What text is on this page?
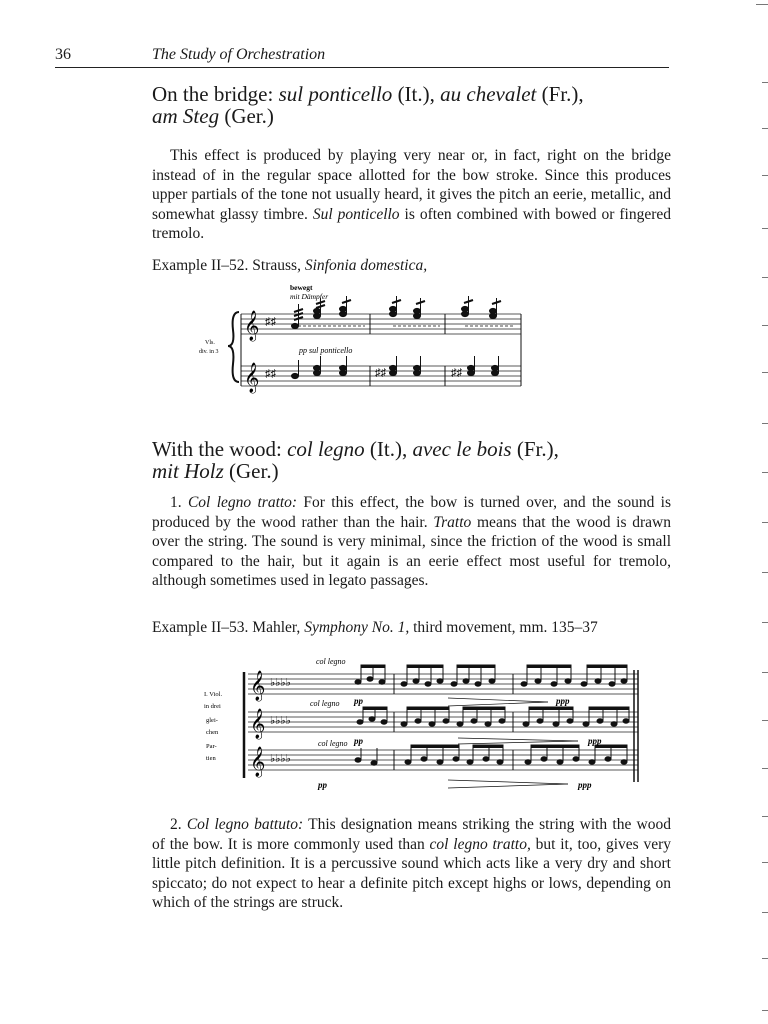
36	The Study of Orchestration
On the bridge: sul ponticello (It.), au chevalet (Fr.),
am Steg (Ger.)

This effect is produced by playing very near or, in fact, right on the bridge instead of in the regular space allotted for the bow stroke. Since this produces upper partials of the tone not usually heard, it gives the pitch an eerie, metallic, and somewhat glassy timbre. Sul ponticello is often combined with bowed or fingered tremolo.

Example II–52. Strauss, Sinfonia domestica,
bewegt
mit Dämpfer
Vls.
div. in 3
𝄞
𝄞
♯♯
♯♯
pp sul ponticello
♯♯	♯♯
With the wood: col legno (It.), avec le bois (Fr.),
mit Holz (Ger.)

1. Col legno tratto: For this effect, the bow is turned over, and the sound is produced by the wood rather than the hair. Tratto means that the wood is drawn over the string. The sound is very minimal, since the friction of the wood is small compared to the hair, but it again is an eerie effect most useful for tremolo, although sometimes used in legato passages.

Example II–53. Mahler, Symphony No. 1, third movement, mm. 135–37
I. Viol.
in drei
glei-
chen
Par-
tien
𝄞
𝄞
𝄞
♭♭♭♭
♭♭♭♭
♭♭♭♭
col legno
col legno
col legno
pp	ppp
pp	ppp
pp	ppp

2. Col legno battuto: This designation means striking the string with the wood of the bow. It is more commonly used than col legno tratto, but it, too, gives very little pitch definition. It is a percussive sound which acts like a very dry and short spiccato; do not expect to hear a definite pitch except highs or lows, depending on which of the strings are struck.
